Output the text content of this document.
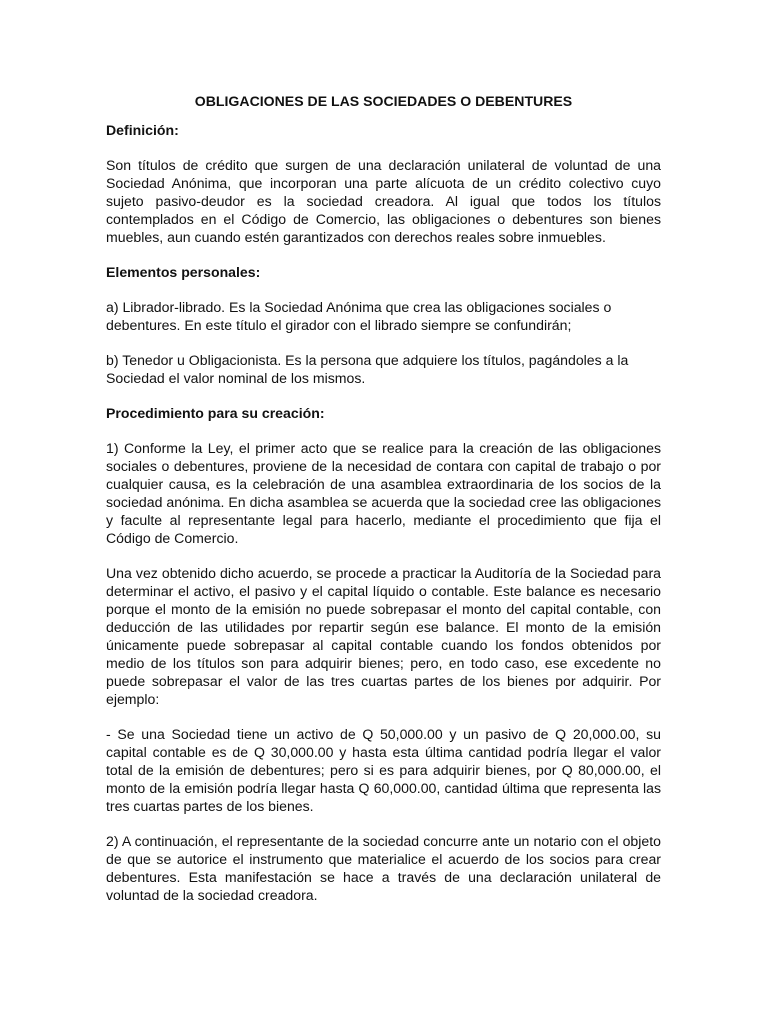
OBLIGACIONES DE LAS SOCIEDADES O DEBENTURES
Definición:

Son títulos de crédito que surgen de una declaración unilateral de voluntad de una Sociedad Anónima, que incorporan una parte alícuota de un crédito colectivo cuyo sujeto pasivo-deudor es la sociedad creadora. Al igual que todos los títulos contemplados en el Código de Comercio, las obligaciones o debentures son bienes muebles, aun cuando estén garantizados con derechos reales sobre inmuebles.

Elementos personales:

a) Librador-librado. Es la Sociedad Anónima que crea las obligaciones sociales o debentures. En este título el girador con el librado siempre se confundirán;

b) Tenedor u Obligacionista. Es la persona que adquiere los títulos, pagándoles a la Sociedad el valor nominal de los mismos.

Procedimiento para su creación:

1) Conforme la Ley, el primer acto que se realice para la creación de las obligaciones sociales o debentures, proviene de la necesidad de contara con capital de trabajo o por cualquier causa, es la celebración de una asamblea extraordinaria de los socios de la sociedad anónima. En dicha asamblea se acuerda que la sociedad cree las obligaciones y faculte al representante legal para hacerlo, mediante el procedimiento que fija el Código de Comercio.

Una vez obtenido dicho acuerdo, se procede a practicar la Auditoría de la Sociedad para determinar el activo, el pasivo y el capital líquido o contable. Este balance es necesario porque el monto de la emisión no puede sobrepasar el monto del capital contable, con deducción de las utilidades por repartir según ese balance. El monto de la emisión únicamente puede sobrepasar al capital contable cuando los fondos obtenidos por medio de los títulos son para adquirir bienes; pero, en todo caso, ese excedente no puede sobrepasar el valor de las tres cuartas partes de los bienes por adquirir. Por ejemplo:

- Se una Sociedad tiene un activo de Q 50,000.00 y un pasivo de Q 20,000.00, su capital contable es de Q 30,000.00 y hasta esta última cantidad podría llegar el valor total de la emisión de debentures; pero si es para adquirir bienes, por Q 80,000.00, el monto de la emisión podría llegar hasta Q 60,000.00, cantidad última que representa las tres cuartas partes de los bienes.

2) A continuación, el representante de la sociedad concurre ante un notario con el objeto de que se autorice el instrumento que materialice el acuerdo de los socios para crear debentures. Esta manifestación se hace a través de una declaración unilateral de voluntad de la sociedad creadora.
